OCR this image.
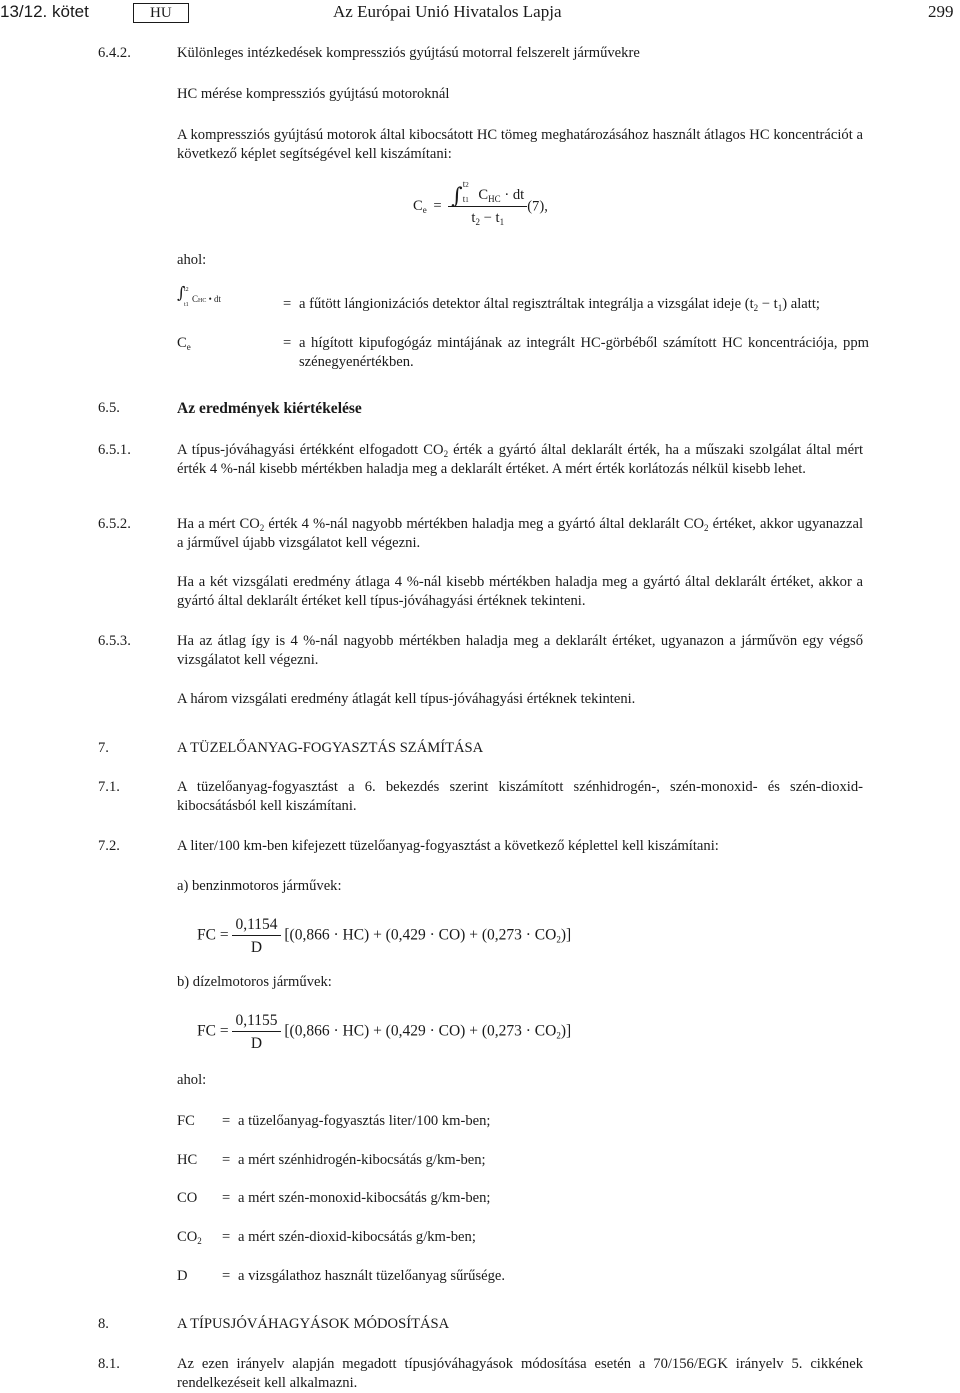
13/12. kötet	HU	Az Európai Unió Hivatalos Lapja	299
6.4.2.	Különleges intézkedések kompressziós gyújtású motorral felszerelt járművekre
HC mérése kompressziós gyújtású motoroknál
A kompressziós gyújtású motorok által kibocsátott HC tömeg meghatározásához használt átlagos HC koncentrációt a következő képlet segítségével kell kiszámítani:
$C_e$ = ∫
t2
t1 $C_{HC}$ · dt
$t_2 - t_1$ (7),
ahol:
∫
t2
t1
CHC • dt	= a fűtött lángionizációs detektor által regisztráltak integrálja a vizsgálat ideje $(t_2 - t_1)$ alatt;
$C_e$	= a hígított kipufogógáz mintájának az integrált HC-görbéből számított HC koncentrációja, ppm szénegyenértékben.
6.5.	Az eredmények kiértékelése
6.5.1.	A típus-jóváhagyási értékként elfogadott $CO_2$ érték a gyártó által deklarált érték, ha a műszaki szolgálat által mért érték 4 %-nál kisebb mértékben haladja meg a deklarált értéket. A mért érték korlátozás nélkül kisebb lehet.
6.5.2.	Ha a mért $CO_2$ érték 4 %-nál nagyobb mértékben haladja meg a gyártó által deklarált $CO_2$ értéket, akkor ugyanazzal a járművel újabb vizsgálatot kell végezni.
Ha a két vizsgálati eredmény átlaga 4 %-nál kisebb mértékben haladja meg a gyártó által deklarált értéket, akkor a gyártó által deklarált értéket kell típus-jóváhagyási értéknek tekinteni.
6.5.3.	Ha az átlag így is 4 %-nál nagyobb mértékben haladja meg a deklarált értéket, ugyanazon a járművön egy végső vizsgálatot kell végezni.
A három vizsgálati eredmény átlagát kell típus-jóváhagyási értéknek tekinteni.
7.	A TÜZELŐANYAG-FOGYASZTÁS SZÁMÍTÁSA
7.1.	A tüzelőanyag-fogyasztást a 6. bekezdés szerint kiszámított szénhidrogén-, szén-monoxid- és szén-dioxid-kibocsátásból kell kiszámítani.
7.2.	A liter/100 km-ben kifejezett tüzelőanyag-fogyasztást a következő képlettel kell kiszámítani:
a) benzinmotoros járművek:
FC = $\frac{0,1154}{D} [(0,866 \cdot HC) + (0,429 \cdot CO) + (0,273 \cdot CO_2)]$
b) dízelmotoros járművek:
FC = $\frac{0,1155}{D} [(0,866 \cdot HC) + (0,429 \cdot CO) + (0,273 \cdot CO_2)]$
ahol:
FC = a tüzelőanyag-fogyasztás liter/100 km-ben;
HC = a mért szénhidrogén-kibocsátás g/km-ben;
CO = a mért szén-monoxid-kibocsátás g/km-ben;
$CO_2 = a$ mért szén-dioxid-kibocsátás g/km-ben;
D = a vizsgálathoz használt tüzelőanyag sűrűsége.
8.	A TÍPUSJÓVÁHAGYÁSOK MÓDOSÍTÁSA
8.1.	Az ezen irányelv alapján megadott típusjóváhagyások módosítása esetén a 70/156/EGK irányelv 5. cikkének rendelkezéseit kell alkalmazni.
